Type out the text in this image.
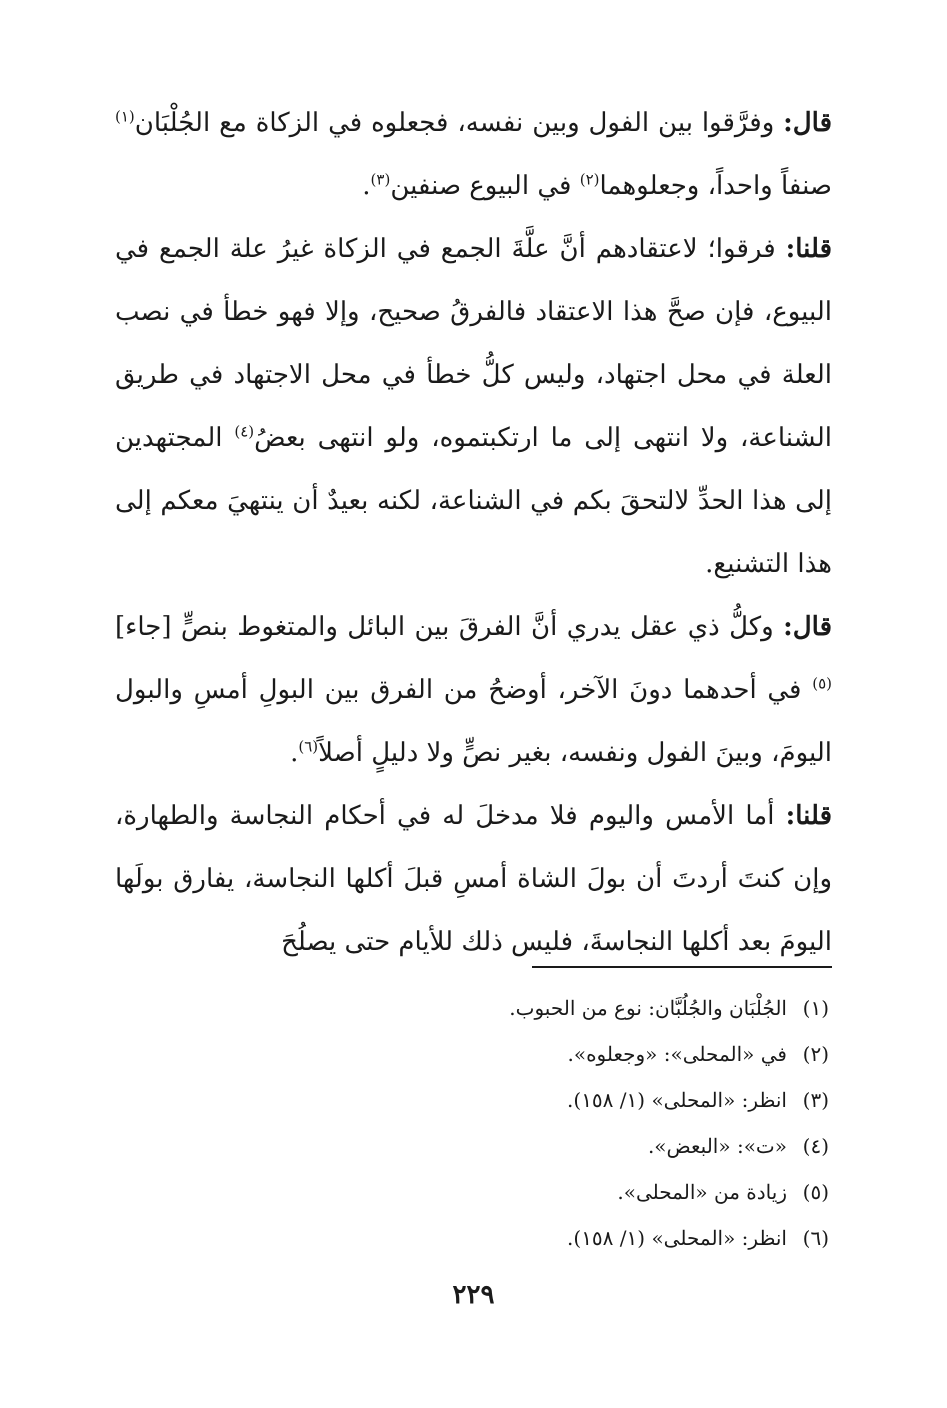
قال: وفرَّقوا بين الفول وبين نفسه، فجعلوه في الزكاة مع الجُلْبَان$^{(١)}$ صنفاً واحداً، وجعلوهما$^{(٢)}$ في البيوع صنفين$^{(٣)}$.

قلنا: فرقوا؛ لاعتقادهم أنَّ علَّةَ الجمع في الزكاة غيرُ علة الجمع في البيوع، فإن صحَّ هذا الاعتقاد فالفرقُ صحيح، وإلا فهو خطأ في نصب العلة في محل اجتهاد، وليس كلُّ خطأ في محل الاجتهاد في طريق الشناعة، ولا انتهى إلى ما ارتكبتموه، ولو انتهى بعضُ$^{(٤)}$ المجتهدين إلى هذا الحدِّ لالتحقَ بكم في الشناعة، لكنه بعيدٌ أن ينتهيَ معكم إلى هذا التشنيع.

قال: وكلُّ ذي عقل يدري أنَّ الفرقَ بين البائل والمتغوط بنصٍّ [جاء]$^{(٥)}$ في أحدهما دونَ الآخر، أوضحُ من الفرق بين البولِ أمسِ والبول اليومَ، وبينَ الفول ونفسه، بغير نصٍّ ولا دليلٍ أصلاً$^{(٦)}$.

قلنا: أما الأمس واليوم فلا مدخلَ له في أحكام النجاسة والطهارة، وإن كنتَ أردتَ أن بولَ الشاة أمسِ قبلَ أكلها النجاسة، يفارق بولَها اليومَ بعد أكلها النجاسةَ، فليس ذلك للأيام حتى يصلُحَ

(١)الجُلْبَان والجُلُبَّان: نوع من الحبوب.
(٢)في «المحلى»: «وجعلوه».
(٣)انظر: «المحلى» (١/ ١٥٨).
(٤)«ت»: «البعض».
(٥)زيادة من «المحلى».
(٦)انظر: «المحلى» (١/ ١٥٨).
٢٢٩
